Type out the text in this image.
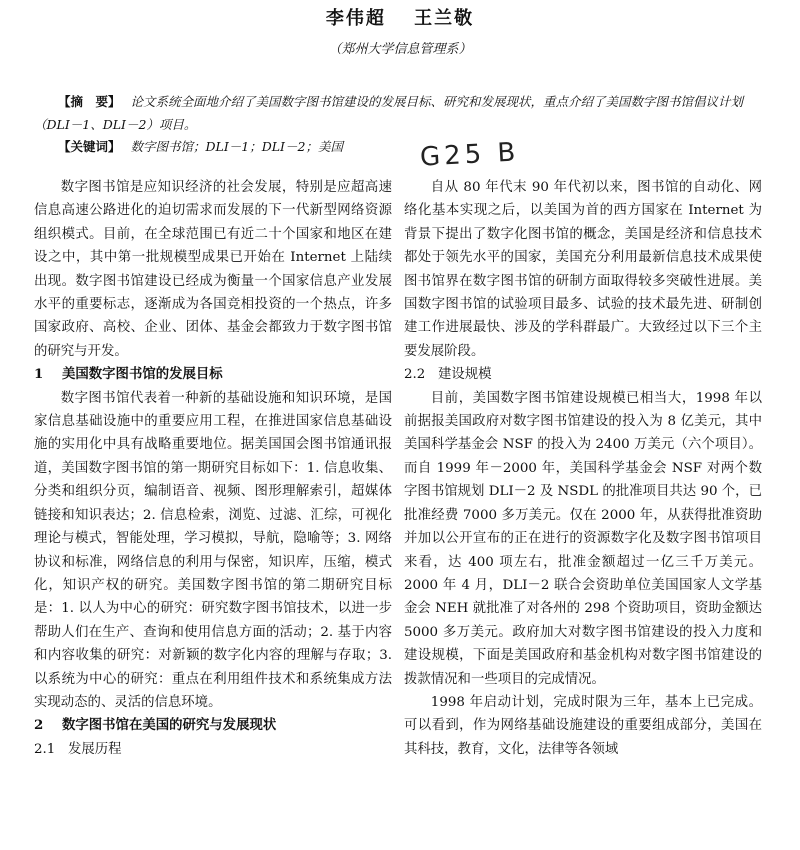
李伟超 王兰敬
（郑州大学信息管理系）
【摘　要】 论文系统全面地介绍了美国数字图书馆建设的发展目标、研究和发展现状，重点介绍了美国数字图书馆倡议计划（DLI－1、DLI－2）项目。
【关键词】 数字图书馆；DLI－1；DLI－2；美国	G25 B

数字图书馆是应知识经济的社会发展，特别是应超高速信息高速公路进化的迫切需求而发展的下一代新型网络资源组织模式。目前，在全球范围已有近二十个国家和地区在建设之中，其中第一批规模型成果已开始在 Internet 上陆续出现。数字图书馆建设已经成为衡量一个国家信息产业发展水平的重要标志，逐渐成为各国竞相投资的一个热点，许多国家政府、高校、企业、团体、基金会都致力于数字图书馆的研究与开发。

1 美国数字图书馆的发展目标

数字图书馆代表着一种新的基础设施和知识环境，是国家信息基础设施中的重要应用工程，在推进国家信息基础设施的实用化中具有战略重要地位。据美国国会图书馆通讯报道，美国数字图书馆的第一期研究目标如下：1. 信息收集、分类和组织分页，编制语音、视频、图形理解索引，超媒体链接和知识表达；2. 信息检索，浏览、过滤、汇综，可视化理论与模式，智能处理，学习模拟，导航，隐喻等；3. 网络协议和标准，网络信息的利用与保密，知识库，压缩，模式化，知识产权的研究。美国数字图书馆的第二期研究目标是：1. 以人为中心的研究：研究数字图书馆技术，以进一步帮助人们在生产、查询和使用信息方面的活动；2. 基于内容和内容收集的研究：对新颖的数字化内容的理解与存取；3. 以系统为中心的研究：重点在利用组件技术和系统集成方法实现动态的、灵活的信息环境。

2 数字图书馆在美国的研究与发展现状
2.1 发展历程

自从 80 年代末 90 年代初以来，图书馆的自动化、网络化基本实现之后，以美国为首的西方国家在 Internet 为背景下提出了数字化图书馆的概念，美国是经济和信息技术都处于领先水平的国家，美国充分利用最新信息技术成果使图书馆界在数字图书馆的研制方面取得较多突破性进展。美国数字图书馆的试验项目最多、试验的技术最先进、研制创建工作进展最快、涉及的学科群最广。大致经过以下三个主要发展阶段。

2.2 建设规模

目前，美国数字图书馆建设规模已相当大，1998 年以前据报美国政府对数字图书馆建设的投入为 8 亿美元，其中美国科学基金会 NSF 的投入为 2400 万美元（六个项目）。而自 1999 年－2000 年，美国科学基金会 NSF 对两个数字图书馆规划 DLI－2 及 NSDL 的批准项目共达 90 个，已批准经费 7000 多万美元。仅在 2000 年，从获得批准资助并加以公开宣布的正在进行的资源数字化及数字图书馆项目来看，达 400 项左右，批准金额超过一亿三千万美元。2000 年 4 月，DLI－2 联合会资助单位美国国家人文学基金会 NEH 就批准了对各州的 298 个资助项目，资助金额达 5000 多万美元。政府加大对数字图书馆建设的投入力度和建设规模，下面是美国政府和基金机构对数字图书馆建设的拨款情况和一些项目的完成情况。

1998 年启动计划，完成时限为三年，基本上已完成。可以看到，作为网络基础设施建设的重要组成部分，美国在其科技，教育，文化，法律等各领域
